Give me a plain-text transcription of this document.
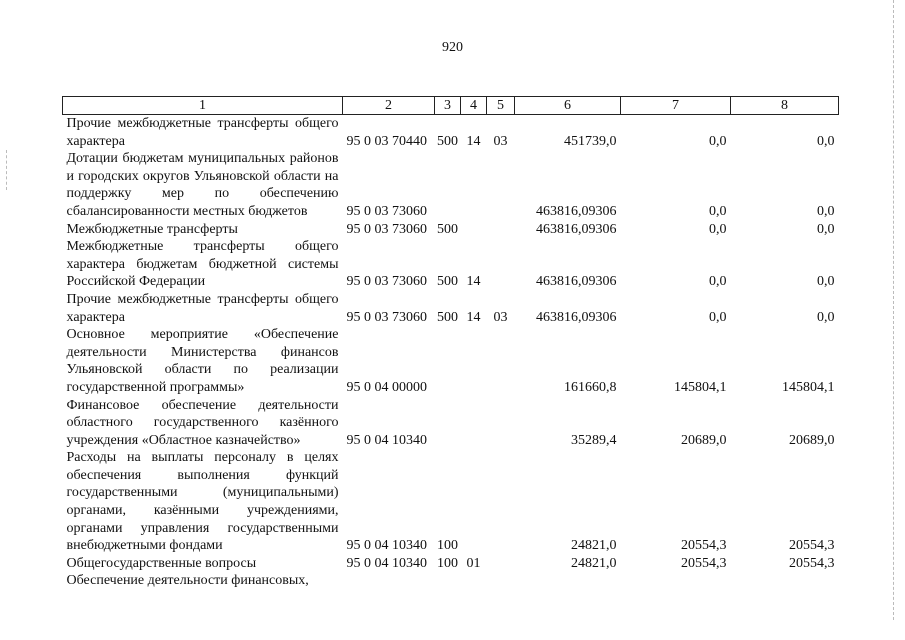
920
1	2	3	4	5	6	7	8
Прочие межбюджетные трансферты общего характера	95 0 03 70440	500	14	03	451739,0	0,0	0,0
Дотации бюджетам муниципальных районов и городских округов Ульяновской области на поддержку мер по обеспечению сбалансированности местных бюджетов	95 0 03 73060				463816,09306	0,0	0,0
Межбюджетные трансферты	95 0 03 73060	500			463816,09306	0,0	0,0
Межбюджетные трансферты общего характера бюджетам бюджетной системы Российской Федерации	95 0 03 73060	500	14		463816,09306	0,0	0,0
Прочие межбюджетные трансферты общего характера	95 0 03 73060	500	14	03	463816,09306	0,0	0,0
Основное мероприятие «Обеспечение деятельности Министерства финансов Ульяновской области по реализации государственной программы»	95 0 04 00000				161660,8	145804,1	145804,1
Финансовое обеспечение деятельности областного государственного казённого учреждения «Областное казначейство»	95 0 04 10340				35289,4	20689,0	20689,0
Расходы на выплаты персоналу в целях обеспечения выполнения функций государственными (муниципальными) органами, казёнными учреждениями, органами управления государственными внебюджетными фондами	95 0 04 10340	100			24821,0	20554,3	20554,3
Общегосударственные вопросы	95 0 04 10340	100	01		24821,0	20554,3	20554,3
Обеспечение деятельности финансовых,							
